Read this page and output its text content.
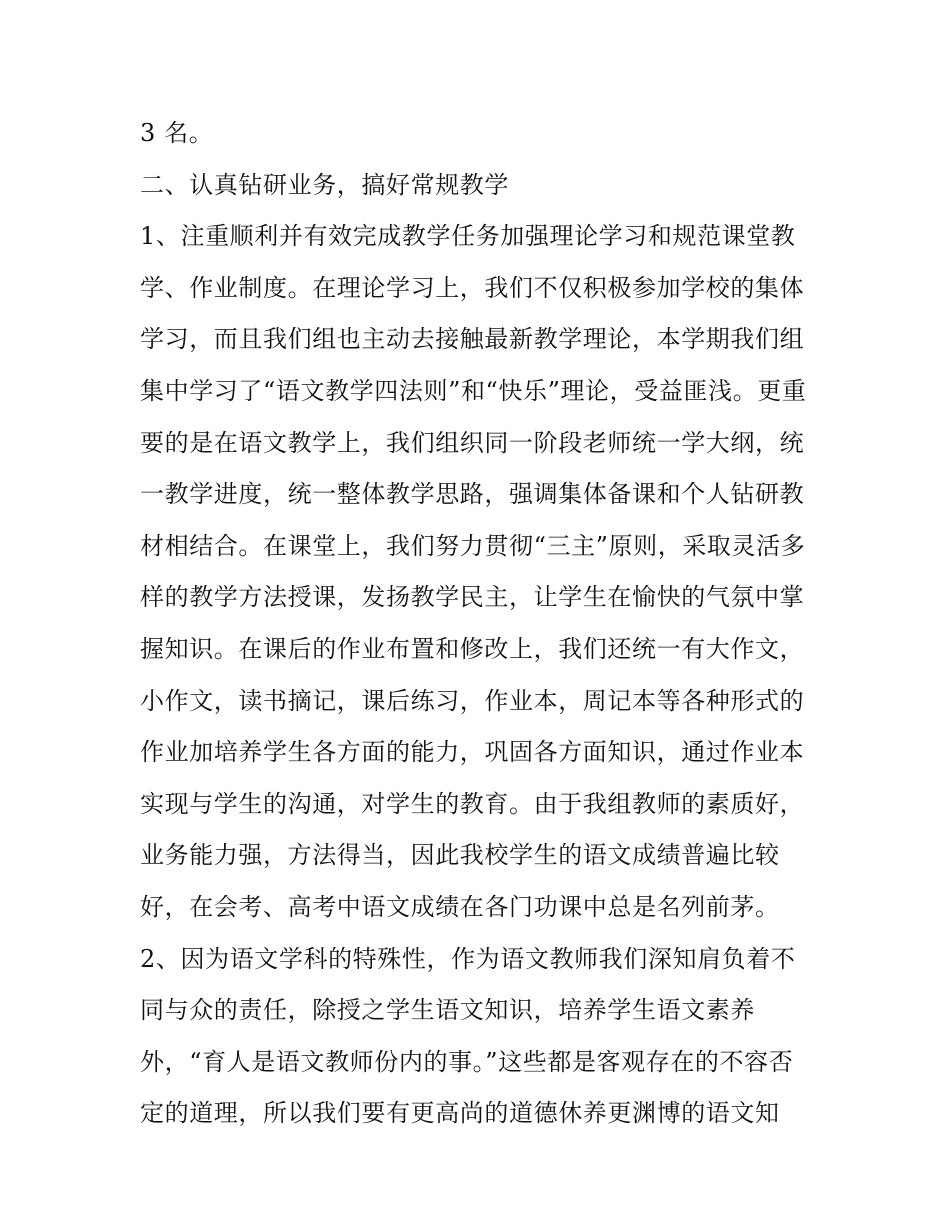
3 名。
二、认真钻研业务，搞好常规教学
1、注重顺利并有效完成教学任务加强理论学习和规范课堂教
学、作业制度。在理论学习上，我们不仅积极参加学校的集体
学习，而且我们组也主动去接触最新教学理论，本学期我们组
集中学习了“语文教学四法则”和“快乐”理论，受益匪浅。更重
要的是在语文教学上，我们组织同一阶段老师统一学大纲，统
一教学进度，统一整体教学思路，强调集体备课和个人钻研教
材相结合。在课堂上，我们努力贯彻“三主”原则，采取灵活多
样的教学方法授课，发扬教学民主，让学生在愉快的气氛中掌
握知识。在课后的作业布置和修改上，我们还统一有大作文，
小作文，读书摘记，课后练习，作业本，周记本等各种形式的
作业加培养学生各方面的能力，巩固各方面知识，通过作业本
实现与学生的沟通，对学生的教育。由于我组教师的素质好，
业务能力强，方法得当，因此我校学生的语文成绩普遍比较
好，在会考、高考中语文成绩在各门功课中总是名列前茅。
2、因为语文学科的特殊性，作为语文教师我们深知肩负着不
同与众的责任，除授之学生语文知识，培养学生语文素养
外，“育人是语文教师份内的事。”这些都是客观存在的不容否
定的道理，所以我们要有更高尚的道德休养更渊博的语文知
